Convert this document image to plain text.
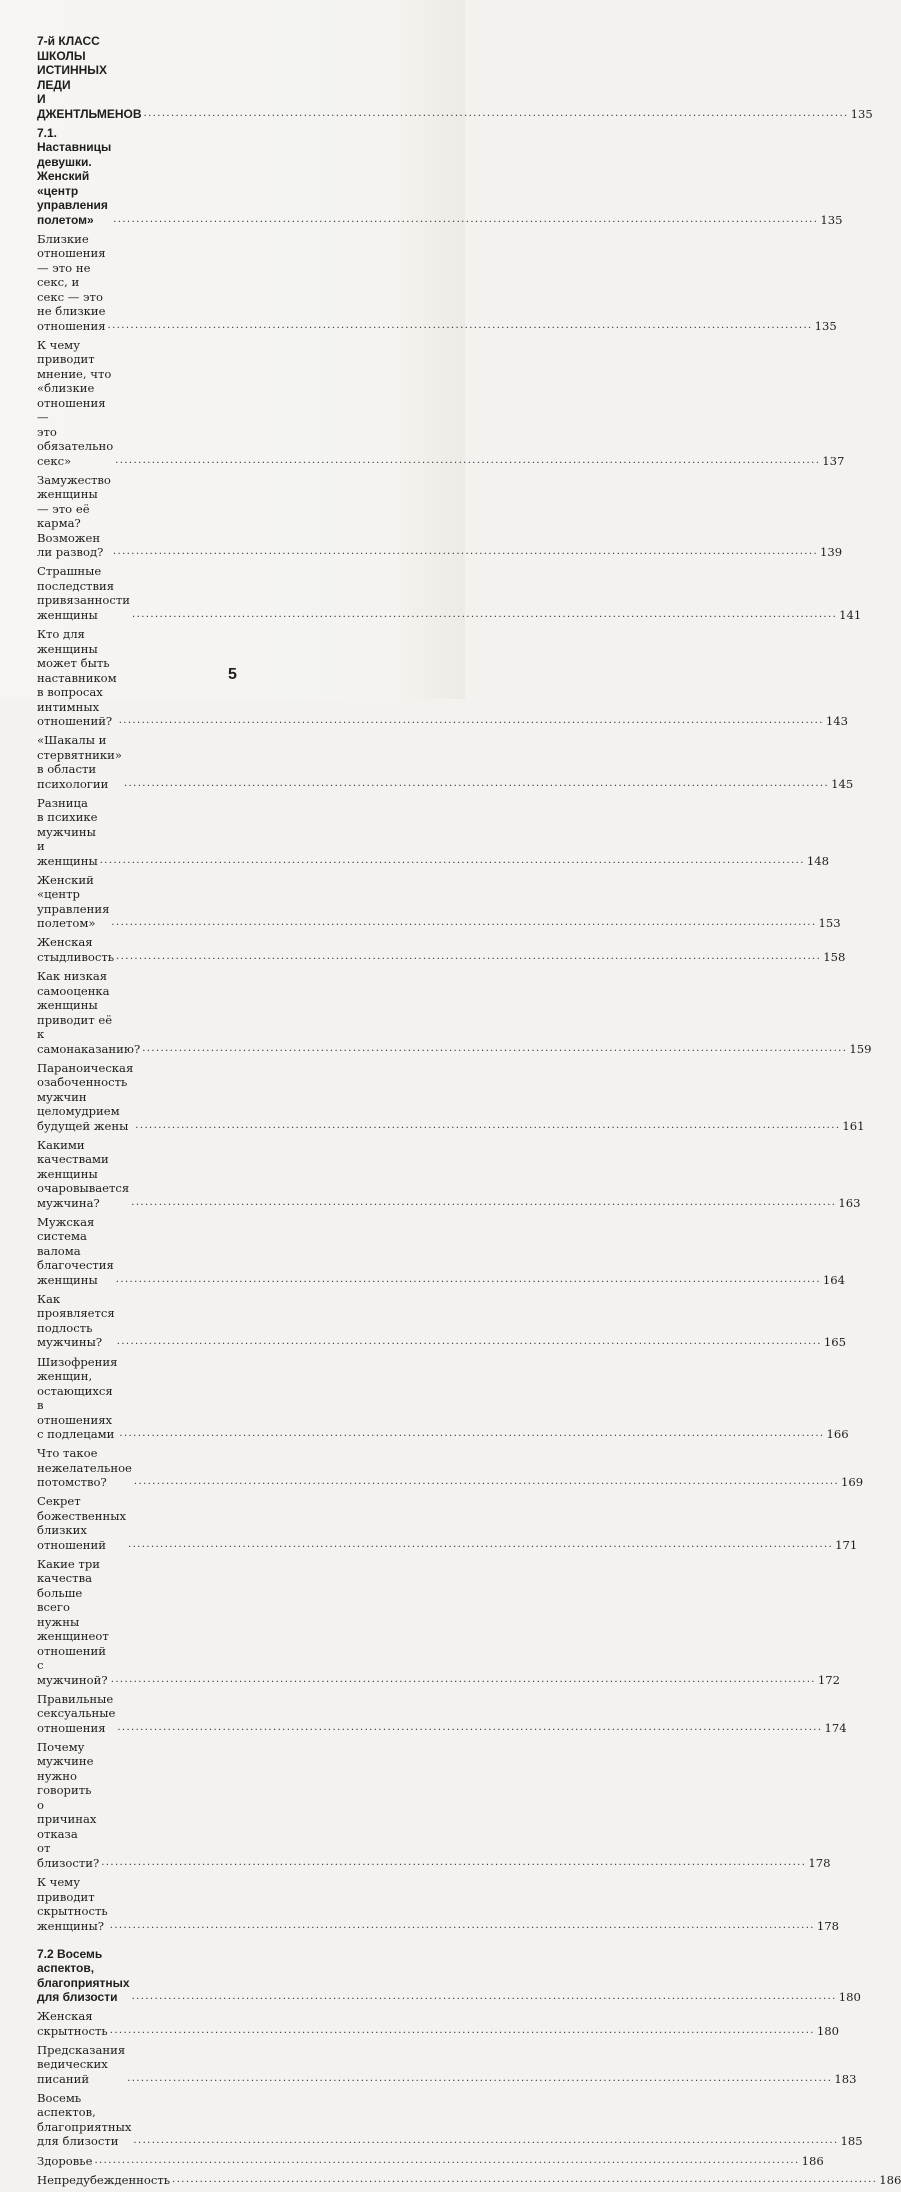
7-й КЛАСС ШКОЛЫ ИСТИННЫХ ЛЕДИ
И ДЖЕНТЛЬМЕНОВ .....	135
7.1. Наставницы девушки. Женский «центр управления
полетом» .....	135
Близкие отношения — это не секс, и секс — это не близкие
отношения .....	135
К чему приводит мнение, что «близкие отношения —
это обязательно секс» .....	137
Замужество женщины — это её карма? Возможен ли развод? .....	139
Страшные последствия привязанности женщины .....	141
Кто для женщины может быть наставником
в вопросах интимных отношений? .....	143
«Шакалы и стервятники» в области психологии .....	145
Разница в психике мужчины и женщины .....	148
Женский «центр управления полетом» .....	153
Женская стыдливость .....	158
Как низкая самооценка женщины приводит её
к самонаказанию? .....	159
Параноическая озабоченность мужчин
целомудрием будущей жены .....	161
Какими качествами женщины очаровывается мужчина? .....	163
Мужская система валома благочестия женщины .....	164
Как проявляется подлость мужчины? .....	165
Шизофрения женщин, остающихся в отношениях
с подлецами .....	166
Что такое нежелательное потомство? .....	169
Секрет божественных близких отношений .....	171
Какие три качества больше всего нужны женщинеот отношений
с мужчиной? .....	172
Правильные сексуальные отношения .....	174
Почему мужчине нужно говорить о причинах отказа
от близости? .....	178
К чему приводит скрытность женщины? .....	178
7.2 Восемь аспектов, благоприятных для близости .....	180
Женская скрытность .....	180
Предсказания ведических писаний .....	183
Восемь аспектов, благоприятных для близости .....	185
Здоровье .....	186
Непредубежденность .....	186
5
